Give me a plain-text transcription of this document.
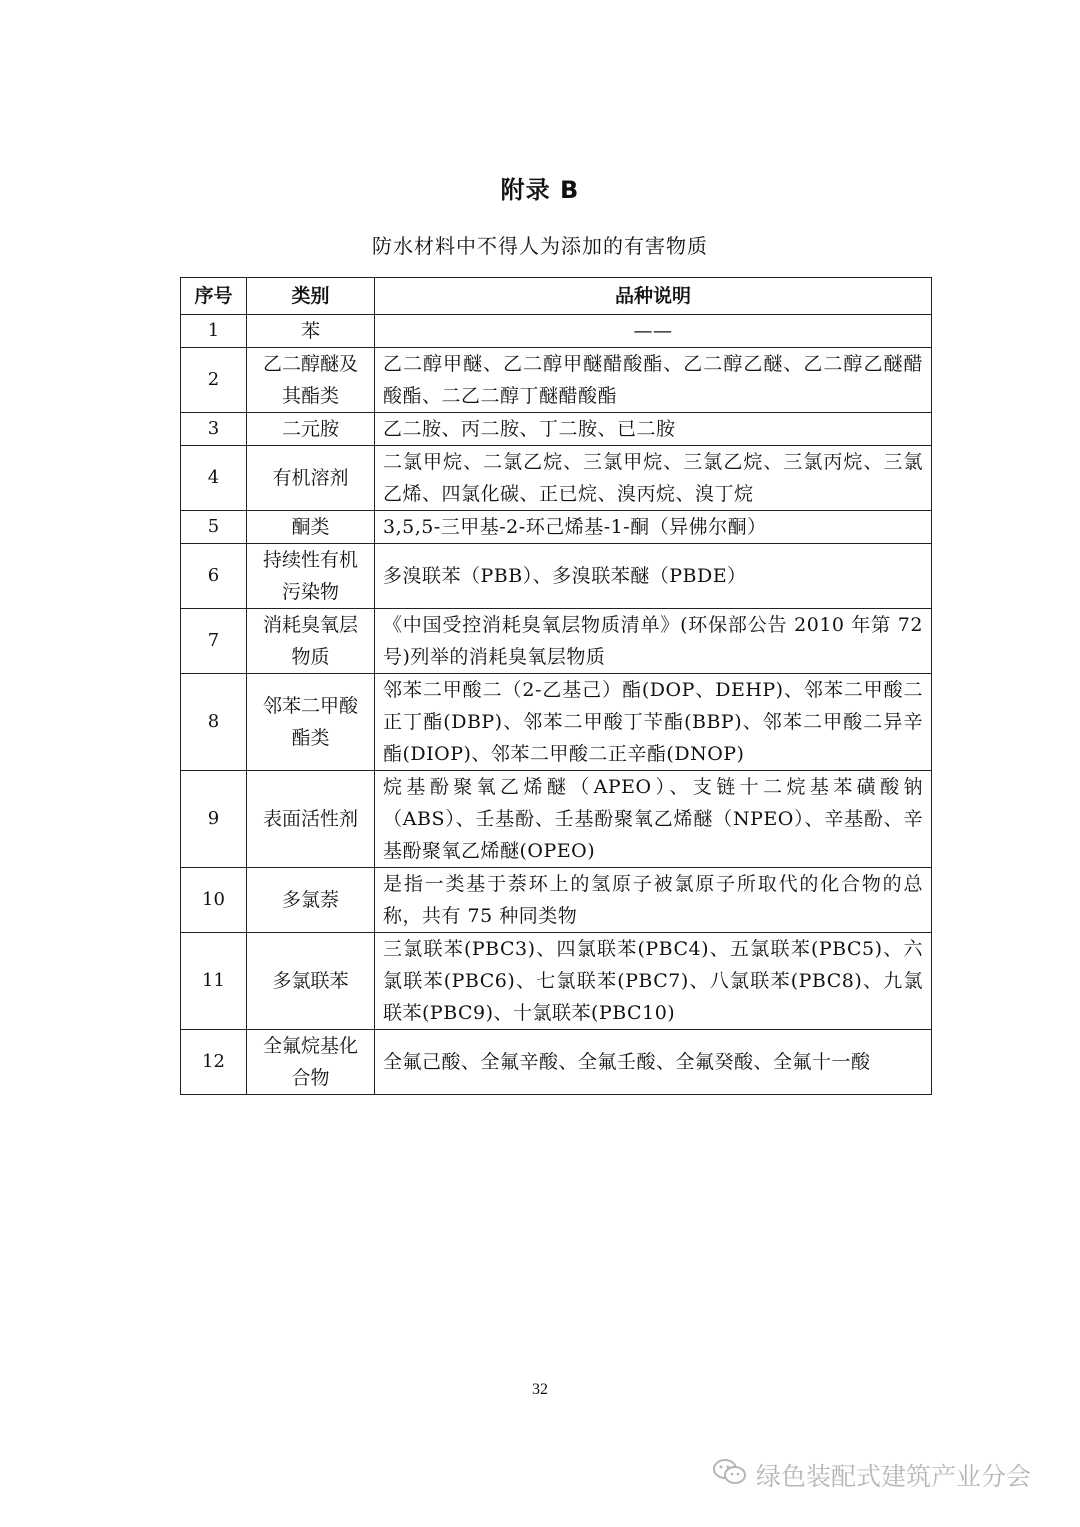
附录 B
防水材料中不得人为添加的有害物质
序号	类别	品种说明
1	苯	——
2	乙二醇醚及其酯类	乙二醇甲醚、乙二醇甲醚醋酸酯、乙二醇乙醚、乙二醇乙醚醋酸酯、二乙二醇丁醚醋酸酯
3	二元胺	乙二胺、丙二胺、丁二胺、已二胺
4	有机溶剂	二氯甲烷、二氯乙烷、三氯甲烷、三氯乙烷、三氯丙烷、三氯乙烯、四氯化碳、正已烷、溴丙烷、溴丁烷
5	酮类	3,5,5-三甲基-2-环己烯基-1-酮（异佛尔酮）
6	持续性有机污染物	多溴联苯（PBB）、多溴联苯醚（PBDE）
7	消耗臭氧层物质	《中国受控消耗臭氧层物质清单》(环保部公告 2010 年第 72 号)列举的消耗臭氧层物质
8	邻苯二甲酸酯类	邻苯二甲酸二（2-乙基己）酯(DOP、DEHP)、邻苯二甲酸二正丁酯(DBP)、邻苯二甲酸丁苄酯(BBP)、邻苯二甲酸二异辛酯(DIOP)、邻苯二甲酸二正辛酯(DNOP)
9	表面活性剂	烷基酚聚氧乙烯醚（APEO）、支链十二烷基苯磺酸钠（ABS）、壬基酚、壬基酚聚氧乙烯醚（NPEO）、辛基酚、辛基酚聚氧乙烯醚(OPEO)
10	多氯萘	是指一类基于萘环上的氢原子被氯原子所取代的化合物的总称，共有 75 种同类物
11	多氯联苯	三氯联苯(PBC3)、四氯联苯(PBC4)、五氯联苯(PBC5)、六氯联苯(PBC6)、七氯联苯(PBC7)、八氯联苯(PBC8)、九氯联苯(PBC9)、十氯联苯(PBC10)
12	全氟烷基化合物	全氟己酸、全氟辛酸、全氟壬酸、全氟癸酸、全氟十一酸
32
绿色装配式建筑产业分会
